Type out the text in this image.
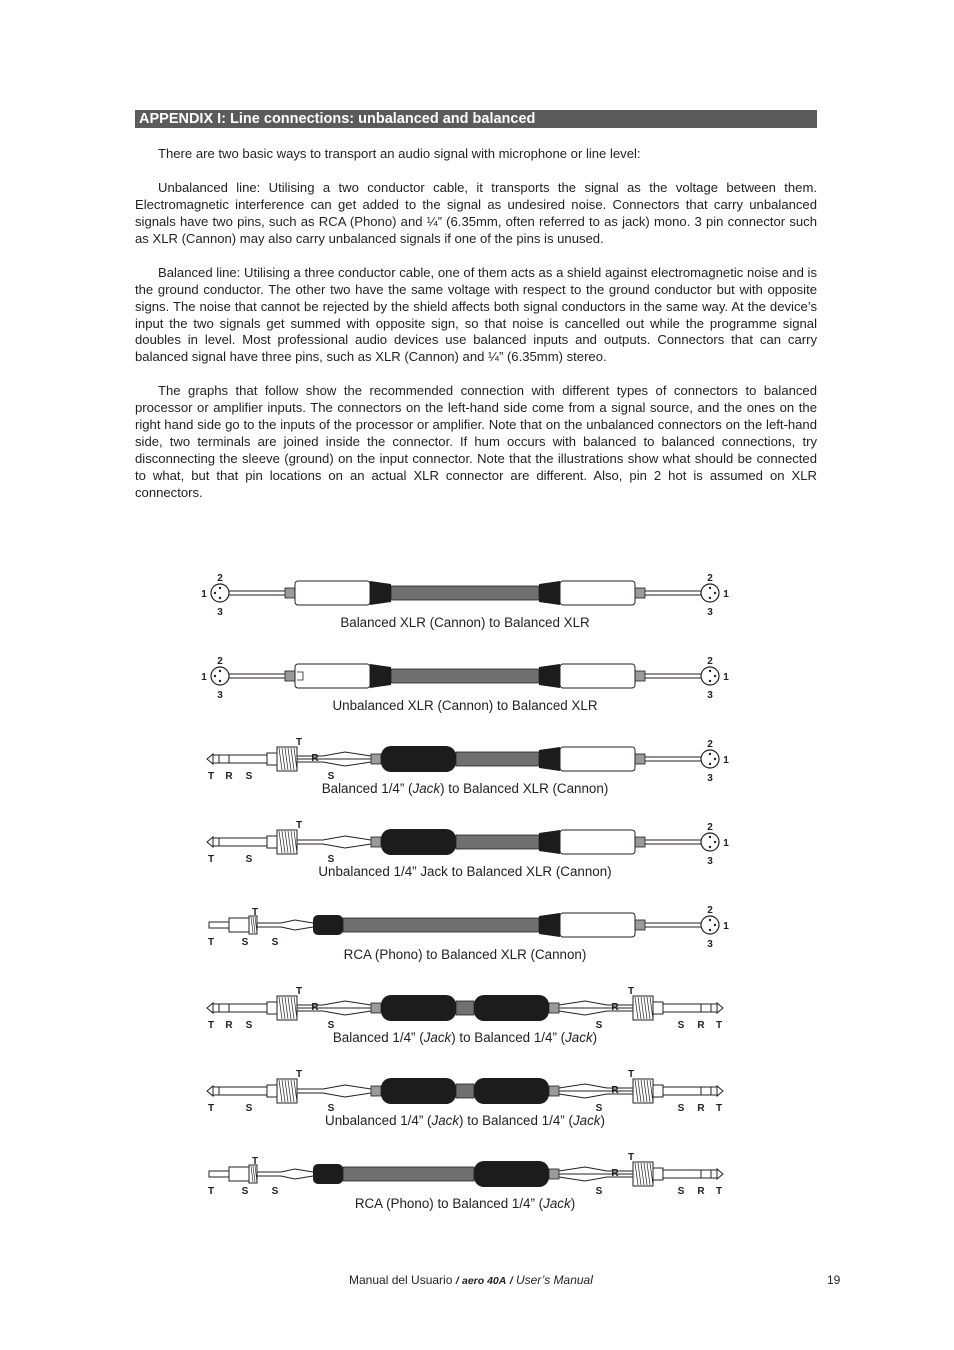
APPENDIX I: Line connections: unbalanced and balanced

There are two basic ways to transport an audio signal with microphone or line level:

Unbalanced line: Utilising a two conductor cable, it transports the signal as the voltage between them. Electromagnetic interference can get added to the signal as undesired noise. Connectors that carry unbalanced signals have two pins, such as RCA (Phono) and ¼” (6.35mm, often referred to as jack) mono. 3 pin connector such as XLR (Cannon) may also carry unbalanced signals if one of the pins is unused.

Balanced line: Utilising a three conductor cable, one of them acts as a shield against electromagnetic noise and is the ground conductor. The other two have the same voltage with respect to the ground conductor but with opposite signs. The noise that cannot be rejected by the shield affects both signal conductors in the same way. At the device’s input the two signals get summed with opposite sign, so that noise is cancelled out while the programme signal doubles in level. Most professional audio devices use balanced inputs and outputs. Connectors that can carry balanced signal have three pins, such as XLR (Cannon) and ¼” (6.35mm) stereo.

The graphs that follow show the recommended connection with different types of connectors to balanced processor or amplifier inputs. The connectors on the left-hand side come from a signal source, and the ones on the right hand side go to the inputs of the processor or amplifier. Note that on the unbalanced connectors on the left-hand side, two terminals are joined inside the connector. If hum occurs with balanced to balanced connections, try disconnecting the sleeve (ground) on the input connector. Note that the illustrations show what should be connected to what, but that pin locations on an actual XLR connector are different. Also, pin 2 hot is assumed on XLR connectors.

2
1
3
2
1
3
Balanced XLR (Cannon) to Balanced XLR
2
1
3
2
1
3
Unbalanced XLR (Cannon) to Balanced XLR
T
R
S
T R S
2
1
3
Balanced 1/4” (Jack) to Balanced XLR (Cannon)
T
S
T	S
2
1
3
Unbalanced 1/4” Jack to Balanced XLR (Cannon)
T
T	S S
2
1
3
RCA (Phono) to Balanced XLR (Cannon)
T
R
S
T R S
T
R
S	T
R
S
Balanced 1/4” (Jack) to Balanced 1/4” (Jack)
T
S
T	S
T
R
S	T
R
S
Unbalanced 1/4” (Jack) to Balanced 1/4” (Jack)
T
T	S S
T
R
S	T
R
S
RCA (Phono) to Balanced 1/4” (Jack)
Manual del Usuario / aero 40A / User’s Manual	19
